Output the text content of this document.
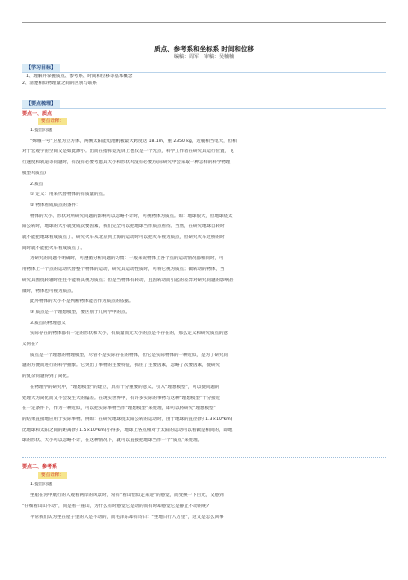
质点、参考系和坐标系 时间和位移
编稿：周军　审稿：吴楠楠
【学习目标】
1、理解并掌握质点、参考系、时间和位移等基本概念
2、清楚相似物理量之间的区别与联系
【要点梳理】
要点一、质点
要点诠释：
1.提出问题
“嫦娥一号”卫星为立方体，两侧太阳能电池帆板最大跨度达 18.1m，重 2350 kg，近履相当电大，但相
对于宏观宇宙空间又是如此渺小。出而在指挥竞先屏上也仅是一个光点，科学工作者在研究其运行位置，飞
行速度和轨道等问题时，有没有必要考虑其大小和形状?(没有必要)实际研究中会采取一种怎样的科学物理
模型?(质点)
2.质点
① 定义：用来代替物体的有质量的点。
② 物体看成质点的条件：
物体的大小、形状对所研究问题的影响可以忽略不计时，可视物体为质点。如：地球很大，但地球绕太
阳公转时，地球的大小就变成次要因素，我们完全可以把地球当作质点看待。当然，在研究地球自转时
就不能把地球看成质点了。研究火车从北京到上海的运动时可以把火车视为质点，但研究火车过桥的时
间时就不能把火车看成质点了。
为研究的问题不明确时，可遵循分析问题的习惯：一般来说物体上各个点的运动情况都相同时，可
用物体上一个点的运动代替整个物体的运动，研究其运动性质时，可将它视为质点；做转动的物体，当
研究其围绕转轴时往往不能将其视为质点；但是当物体有转动，且因转动而引起的差异对研究问题的影响甚
微时，物体也可视为质点。
此外物体的大小不是判断物体能否作为质点的依据。
③ 质点是一个理想模型，要区别于几何学中的点。
3.质点的物理意义
实际存在的物体都有一定的形状和大小，有质量而无大小的点是不存在的，那么定义和研究质点的意
义何在？
质点是一个理想的物理模型，尽管不是实际存在的物体，但它是实际物体的一种近似，是为了研究问
题的方便而进行的科学抽象。它突出了事物的主要特征，抓住了主要因素，忽略了次要因素，使研究
的复杂问题得到了简化。
在物理学的研究中，“理想模型”的建立，具有十分重要的意义。引入“理想模型”，可以使问题的
处理大为简化而又不会发生大的偏差。在现实世界中，有许多实际的事物与这种“理想模型”十分接近
在一定条件下，作为一种近似，可以把实际事物当作“理想模型”来处理，即可以将研究“理想模型”
的结果直接地应用于实际事物。例如：在研究地球绕太阳公转的运动时，由于地球的直径(约 1.3×10⁴km)
比地球和太阳之间的距离(约 1.5×10⁸km)小得多，地球上各点相对于太阳的运动可以看做是相同的，即地
球的形状、大小可以忽略不计，在这种情况下，就可以直接把地球当作一个“质点”来处理。
要点二、参考系
要点诠释：
1.提出问题
坐船在河中航行的人观看两岸的风景时，常有“看山恰似走来迎”的感觉，而变换一下目光，又感到
“仔细看山山不动”，同是看一座山，为什么有时感觉它是动的而有时却感觉它是静止不动的呢?
平常我们认为坐在屋子里的人是不动的，而毛泽东却有诗曰：“坐地日行八万里”，这又是怎么回事
